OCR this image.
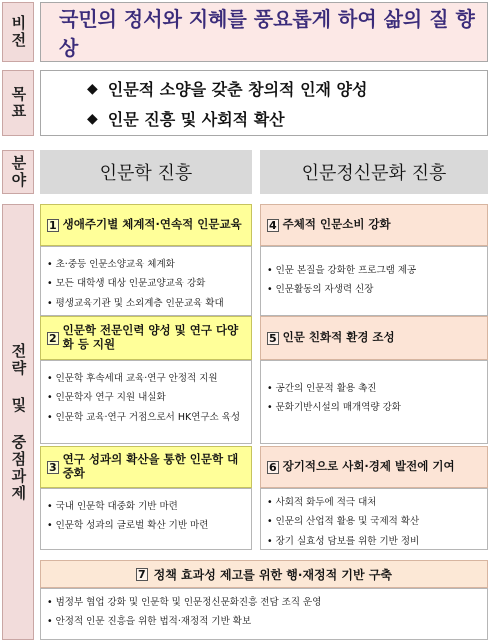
비전 국민의 정서와 지혜를 풍요롭게 하여 삶의 질 향상
목표	◆ 인문적 소양을 갖춘 창의적 인재 양성
◆ 인문 진흥 및 사회적 확산
분야	인문학 진흥	인문정신문화 진흥
전략 및 중점과제
1 생애주기별 체계적·연속적 인문교육
• 초·중등 인문소양교육 체계화
• 모든 대학생 대상 인문교양교육 강화
• 평생교육기관 및 소외계층 인문교육 확대
2
인문학 전문인력 양성 및 연구 다양화 등 지원
• 인문학 후속세대 교육·연구 안정적 지원
• 인문학자 연구 지원 내실화
• 인문학 교육·연구 거점으로서 HK연구소 육성
3
연구 성과의 확산을 통한 인문학 대중화
• 국내 인문학 대중화 기반 마련
• 인문학 성과의 글로벌 확산 기반 마련
4 주체적 인문소비 강화
• 인문 본질을 강화한 프로그램 제공
• 인문활동의 자생력 신장
5 인문 친화적 환경 조성
• 공간의 인문적 활용 촉진
• 문화기반시설의 매개역량 강화
6 장기적으로 사회·경제 발전에 기여
• 사회적 화두에 적극 대처
• 인문의 산업적 활용 및 국제적 확산
• 장기 실효성 담보를 위한 기반 정비
7 정책 효과성 제고를 위한 행·재정적 기반 구축
• 범정부 협업 강화 및 인문학 및 인문정신문화진흥 전담 조직 운영
• 안정적 인문 진흥을 위한 법적·재정적 기반 확보
